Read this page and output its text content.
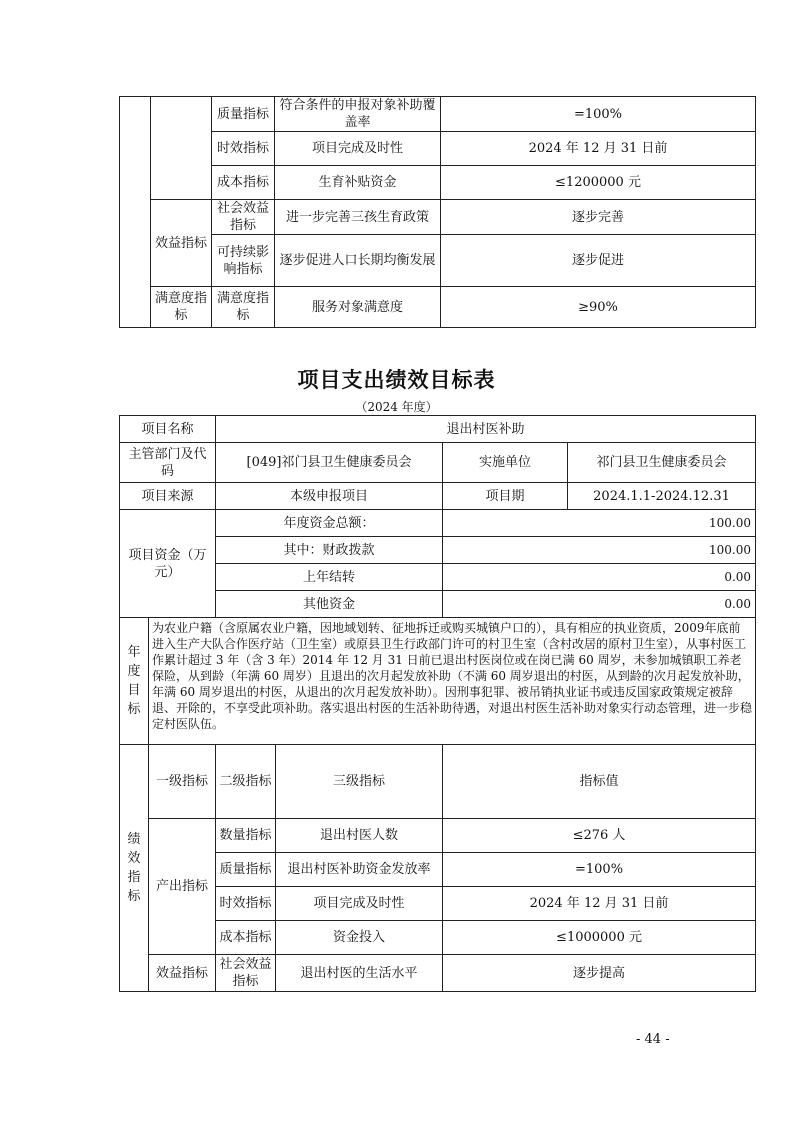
		质量指标	符合条件的申报对象补助覆盖率	=100%
		时效指标	项目完成及时性	2024 年 12 月 31 日前
		成本指标	生育补贴资金	≤1200000 元
	效益指标	社会效益指标	进一步完善三孩生育政策	逐步完善
		可持续影响指标	逐步促进人口长期均衡发展	逐步促进
	满意度指标	满意度指标	服务对象满意度	≥90%
项目支出绩效目标表
（2024 年度）
项目名称		退出村医补助			
主管部门及代码		[049]祁门县卫生健康委员会		实施单位	祁门县卫生健康委员会
项目来源		本级申报项目		项目期	2024.1.1-2024.12.31
项目资金（万元）		年度资金总额：		100.00	
		其中：财政拨款		100.00	
		上年结转		0.00	
		其他资金		0.00	
年度目标	为农业户籍（含原属农业户籍，因地域划转、征地拆迁或购买城镇户口的），具有相应的执业资质，2009年底前进入生产大队合作医疗站（卫生室）或原县卫生行政部门许可的村卫生室（含村改居的原村卫生室），从事村医工作累计超过 3 年（含 3 年）2014 年 12 月 31 日前已退出村医岗位或在岗已满 60 周岁，未参加城镇职工养老保险，从到龄（年满 60 周岁）且退出的次月起发放补助（不满 60 周岁退出的村医，从到龄的次月起发放补助，年满 60 周岁退出的村医，从退出的次月起发放补助）。因刑事犯罪、被吊销执业证书或违反国家政策规定被辞退、开除的，不享受此项补助。落实退出村医的生活补助待遇，对退出村医生活补助对象实行动态管理，进一步稳定村医队伍。				
绩效指标	一级指标	二级指标	三级指标	指标值	
	产出指标	数量指标	退出村医人数	≤276 人	
		质量指标	退出村医补助资金发放率	=100%	
		时效指标	项目完成及时性	2024 年 12 月 31 日前	
		成本指标	资金投入	≤1000000 元	
	效益指标	社会效益指标	退出村医的生活水平	逐步提高	
- 44 -
